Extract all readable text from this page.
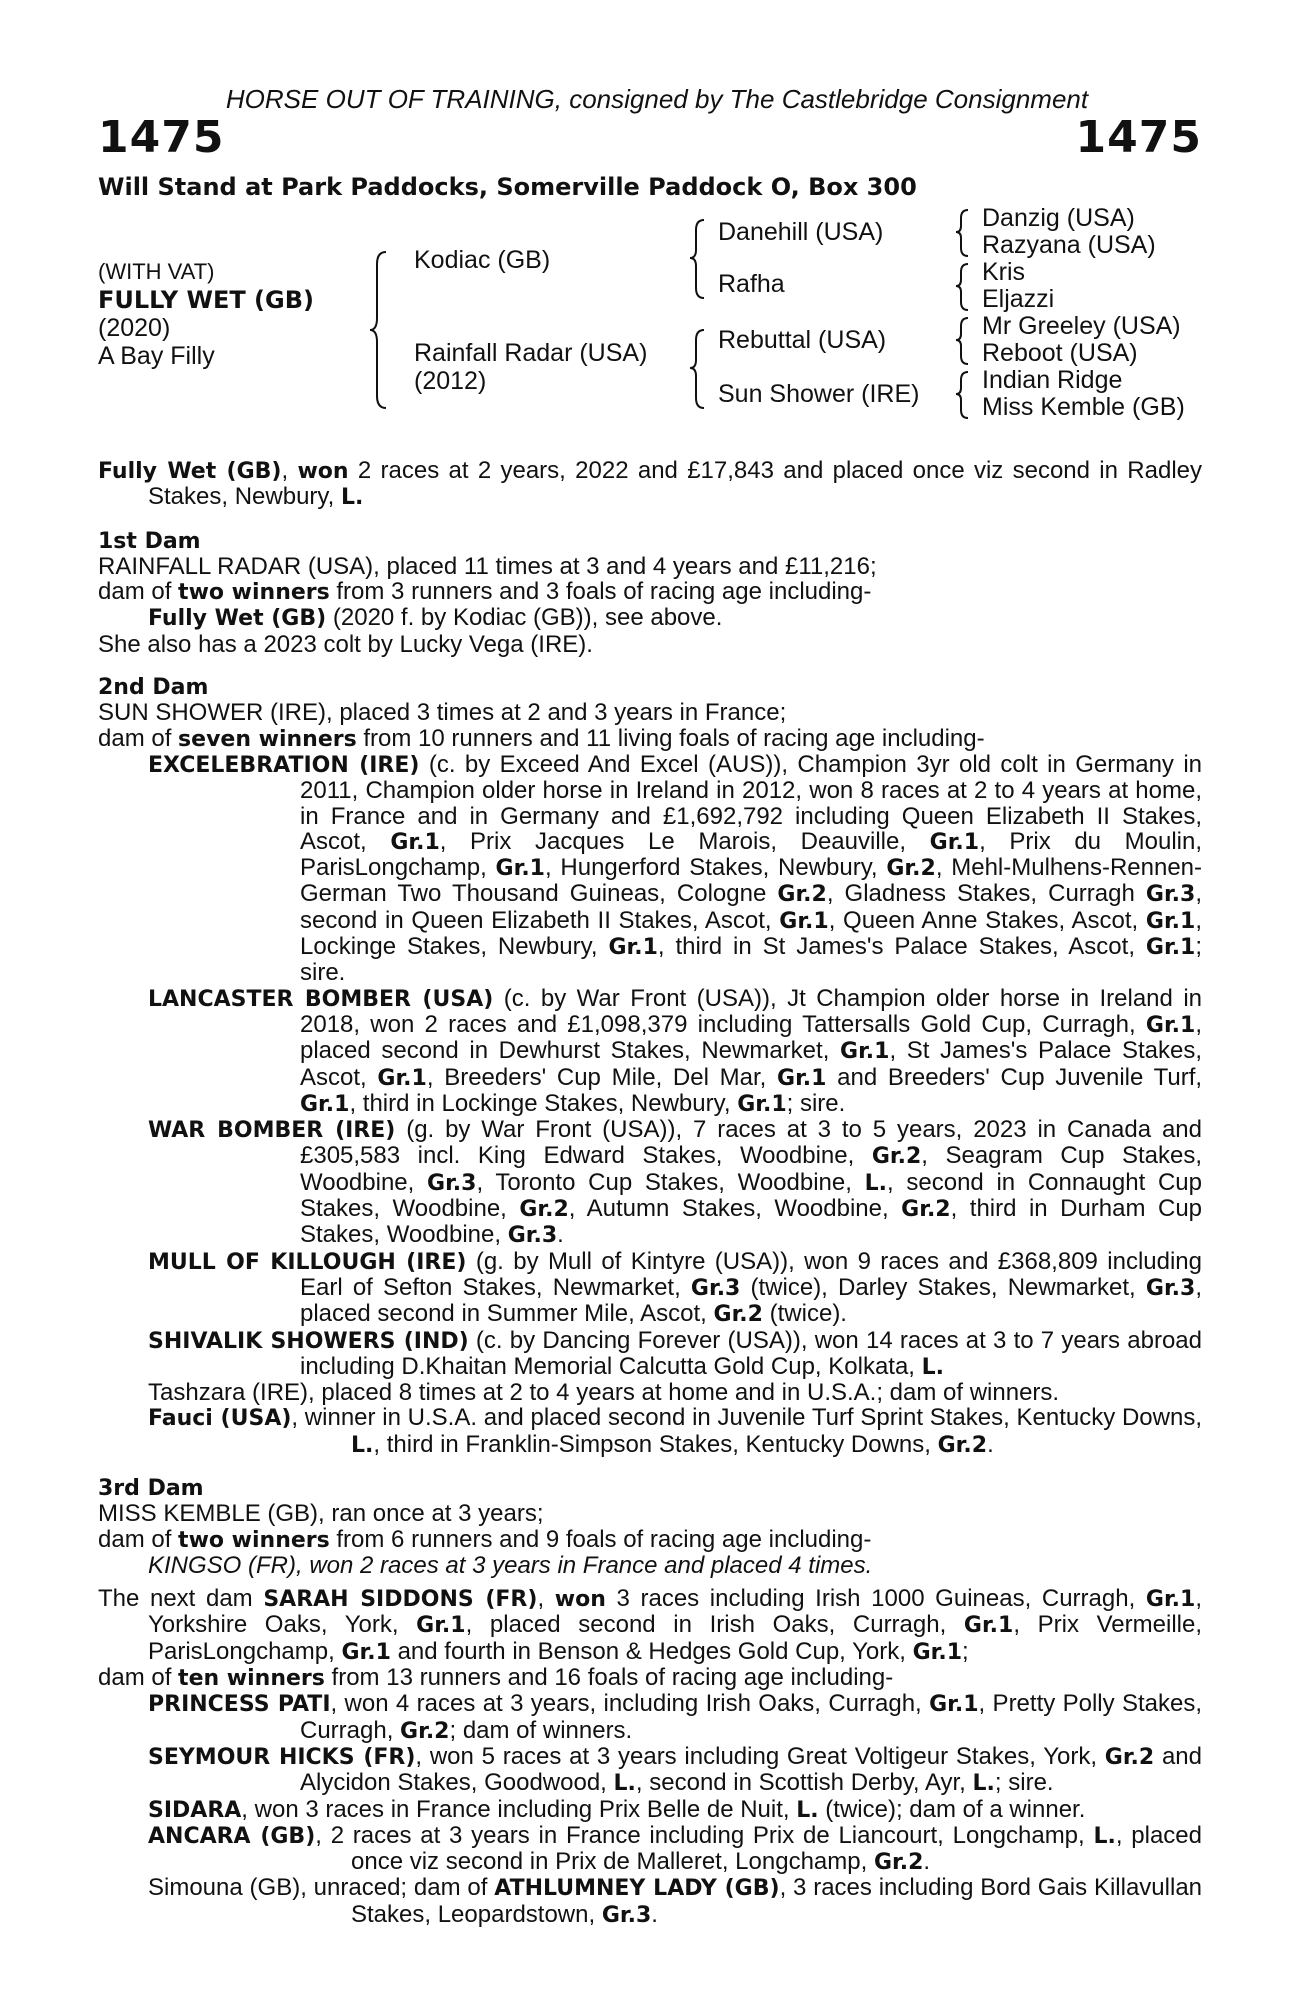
HORSE OUT OF TRAINING, consigned by The Castlebridge Consignment
1475	1475
Will Stand at Park Paddocks, Somerville Paddock O, Box 300
(WITH VAT)
FULLY WET (GB)
(2020)
A Bay Filly
Kodiac (GB)
Rainfall Radar (USA)
(2012)
Danehill (USA)
Rafha
Rebuttal (USA)
Sun Shower (IRE)
Danzig (USA)
Razyana (USA)
Kris
Eljazzi
Mr Greeley (USA)
Reboot (USA)
Indian Ridge
Miss Kemble (GB)

Fully Wet (GB), won 2 races at 2 years, 2022 and £17,843 and placed once viz second in Radley Stakes, Newbury, L.

1st Dam

RAINFALL RADAR (USA), placed 11 times at 3 and 4 years and £11,216;

dam of two winners from 3 runners and 3 foals of racing age including-

Fully Wet (GB) (2020 f. by Kodiac (GB)), see above.

She also has a 2023 colt by Lucky Vega (IRE).

2nd Dam

SUN SHOWER (IRE), placed 3 times at 2 and 3 years in France;

dam of seven winners from 10 runners and 11 living foals of racing age including-

EXCELEBRATION (IRE) (c. by Exceed And Excel (AUS)), Champion 3yr old colt in Germany in 2011, Champion older horse in Ireland in 2012, won 8 races at 2 to 4 years at home, in France and in Germany and £1,692,792 including Queen Elizabeth II Stakes, Ascot, Gr.1, Prix Jacques Le Marois, Deauville, Gr.1, Prix du Moulin, ParisLongchamp, Gr.1, Hungerford Stakes, Newbury, Gr.2, Mehl-Mulhens-Rennen-German Two Thousand Guineas, Cologne Gr.2, Gladness Stakes, Curragh Gr.3, second in Queen Elizabeth II Stakes, Ascot, Gr.1, Queen Anne Stakes, Ascot, Gr.1, Lockinge Stakes, Newbury, Gr.1, third in St James's Palace Stakes, Ascot, Gr.1; sire.

LANCASTER BOMBER (USA) (c. by War Front (USA)), Jt Champion older horse in Ireland in 2018, won 2 races and £1,098,379 including Tattersalls Gold Cup, Curragh, Gr.1, placed second in Dewhurst Stakes, Newmarket, Gr.1, St James's Palace Stakes, Ascot, Gr.1, Breeders' Cup Mile, Del Mar, Gr.1 and Breeders' Cup Juvenile Turf, Gr.1, third in Lockinge Stakes, Newbury, Gr.1; sire.

WAR BOMBER (IRE) (g. by War Front (USA)), 7 races at 3 to 5 years, 2023 in Canada and £305,583 incl. King Edward Stakes, Woodbine, Gr.2, Seagram Cup Stakes, Woodbine, Gr.3, Toronto Cup Stakes, Woodbine, L., second in Connaught Cup Stakes, Woodbine, Gr.2, Autumn Stakes, Woodbine, Gr.2, third in Durham Cup Stakes, Woodbine, Gr.3.

MULL OF KILLOUGH (IRE) (g. by Mull of Kintyre (USA)), won 9 races and £368,809 including Earl of Sefton Stakes, Newmarket, Gr.3 (twice), Darley Stakes, Newmarket, Gr.3, placed second in Summer Mile, Ascot, Gr.2 (twice).

SHIVALIK SHOWERS (IND) (c. by Dancing Forever (USA)), won 14 races at 3 to 7 years abroad including D.Khaitan Memorial Calcutta Gold Cup, Kolkata, L.

Tashzara (IRE), placed 8 times at 2 to 4 years at home and in U.S.A.; dam of winners.

Fauci (USA), winner in U.S.A. and placed second in Juvenile Turf Sprint Stakes, Kentucky Downs, L., third in Franklin-Simpson Stakes, Kentucky Downs, Gr.2.

3rd Dam

MISS KEMBLE (GB), ran once at 3 years;

dam of two winners from 6 runners and 9 foals of racing age including-

KINGSO (FR), won 2 races at 3 years in France and placed 4 times.

The next dam SARAH SIDDONS (FR), won 3 races including Irish 1000 Guineas, Curragh, Gr.1, Yorkshire Oaks, York, Gr.1, placed second in Irish Oaks, Curragh, Gr.1, Prix Vermeille, ParisLongchamp, Gr.1 and fourth in Benson & Hedges Gold Cup, York, Gr.1;

dam of ten winners from 13 runners and 16 foals of racing age including-

PRINCESS PATI, won 4 races at 3 years, including Irish Oaks, Curragh, Gr.1, Pretty Polly Stakes, Curragh, Gr.2; dam of winners.

SEYMOUR HICKS (FR), won 5 races at 3 years including Great Voltigeur Stakes, York, Gr.2 and Alycidon Stakes, Goodwood, L., second in Scottish Derby, Ayr, L.; sire.

SIDARA, won 3 races in France including Prix Belle de Nuit, L. (twice); dam of a winner.

ANCARA (GB), 2 races at 3 years in France including Prix de Liancourt, Longchamp, L., placed once viz second in Prix de Malleret, Longchamp, Gr.2.

Simouna (GB), unraced; dam of ATHLUMNEY LADY (GB), 3 races including Bord Gais Killavullan Stakes, Leopardstown, Gr.3.
